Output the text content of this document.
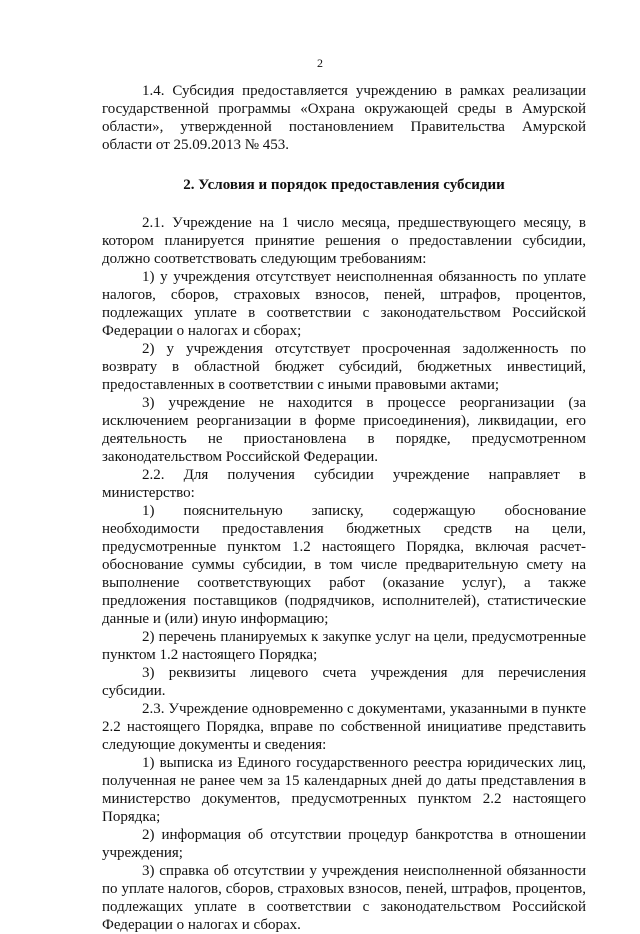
2

1.4. Субсидия предоставляется учреждению в рамках реализации государственной программы «Охрана окружающей среды в Амурской области», утвержденной постановлением Правительства Амурской области от 25.09.2013 № 453.

2. Условия и порядок предоставления субсидии

2.1. Учреждение на 1 число месяца, предшествующего месяцу, в котором планируется принятие решения о предоставлении субсидии, должно соответствовать следующим требованиям:

1) у учреждения отсутствует неисполненная обязанность по уплате налогов, сборов, страховых взносов, пеней, штрафов, процентов, подлежащих уплате в соответствии с законодательством Российской Федерации о налогах и сборах;

2) у учреждения отсутствует просроченная задолженность по возврату в областной бюджет субсидий, бюджетных инвестиций, предоставленных в соответствии с иными правовыми актами;

3) учреждение не находится в процессе реорганизации (за исключением реорганизации в форме присоединения), ликвидации, его деятельность не приостановлена в порядке, предусмотренном законодательством Российской Федерации.

2.2. Для получения субсидии учреждение направляет в министерство:

1) пояснительную записку, содержащую обоснование необходимости предоставления бюджетных средств на цели, предусмотренные пунктом 1.2 настоящего Порядка, включая расчет-обоснование суммы субсидии, в том числе предварительную смету на выполнение соответствующих работ (оказание услуг), а также предложения поставщиков (подрядчиков, исполнителей), статистические данные и (или) иную информацию;

2) перечень планируемых к закупке услуг на цели, предусмотренные пунктом 1.2 настоящего Порядка;

3) реквизиты лицевого счета учреждения для перечисления субсидии.

2.3. Учреждение одновременно с документами, указанными в пункте 2.2 настоящего Порядка, вправе по собственной инициативе представить следующие документы и сведения:

1) выписка из Единого государственного реестра юридических лиц, полученная не ранее чем за 15 календарных дней до даты представления в министерство документов, предусмотренных пунктом 2.2 настоящего Порядка;

2) информация об отсутствии процедур банкротства в отношении учреждения;

3) справка об отсутствии у учреждения неисполненной обязанности по уплате налогов, сборов, страховых взносов, пеней, штрафов, процентов, подлежащих уплате в соответствии с законодательством Российской Федерации о налогах и сборах.
